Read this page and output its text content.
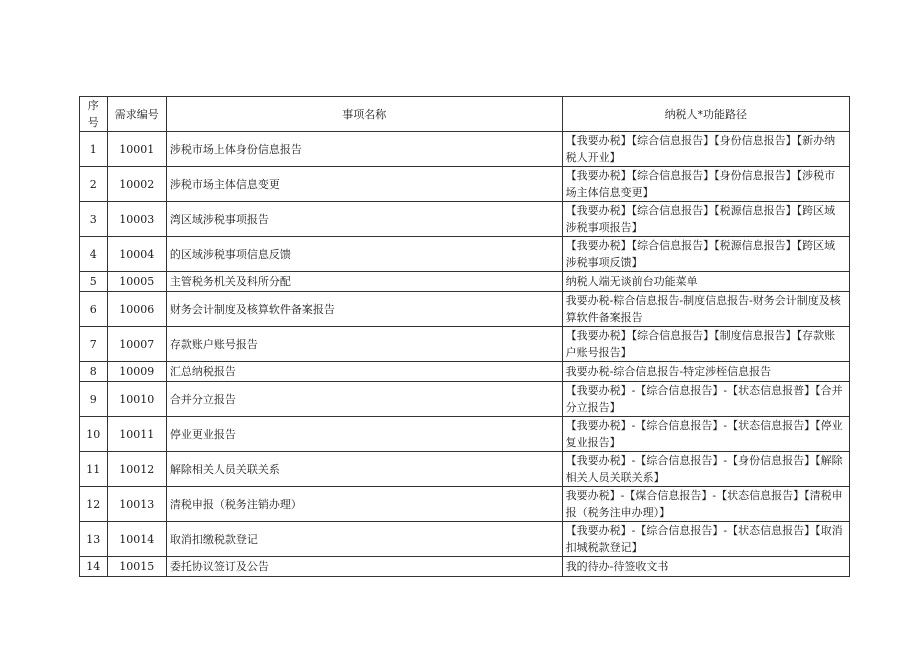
序号	需求编号	事项名称	纳税人*功能路径
1	10001	涉税市场上体身份信息报告	【我要办税】【综合信息报告】【身份信息报告】【新办纳税人开业】
2	10002	涉税市场主体信息变更	【我要办税】【综合信息报告】【身份信息报告】【涉税市场主体信息变更】
3	10003	湾区域涉税事项报告	【我要办税】【综合信息报告】【税源信息报告】【跨区域涉税事项报告】
4	10004	的区域涉税事项信息反馈	【我要办税】【综合信息报告】【税源信息报告】【跨区域涉税事项反馈】
5	10005	主管税务机关及科所分配	纳税人端无谈前台功能菜单
6	10006	财务会计制度及核算软件备案报告	我要办税-粽合信息报告-制度信息报告-财务会计制度及核算软件备案报告
7	10007	存款账户账号报告	【我要办税】【综合信息报告】【制度信息报告】【存款账户账号报告】
8	10009	汇总纳税报告	我要办税-综合信息报告-特定涉桎信息报告
9	10010	合并分立报告	【我要办税】-【综合信息报告】-【状态信息报普】【合并分立报告】
10	10011	停业更业报告	【我要办税】-【综合信息报告】-【状态信息报告】【停业复业报告】
11	10012	解除相关人员关联关系	【我要办税】-【综合信息报告】-【身份信息报告】【解除相关人员关联关系】
12	10013	清税申报（税务注销办理）	我要办税】-【煤合信息报告】-【状态信息报告】【清税申报（税务注申办理）】
13	10014	取消扣缴税款登记	【我要办税】-【综合信息报告】-【状态信息报告】【取消扣城税款登记】
14	10015	委托协议签订及公告	我的待办-待签收文书
